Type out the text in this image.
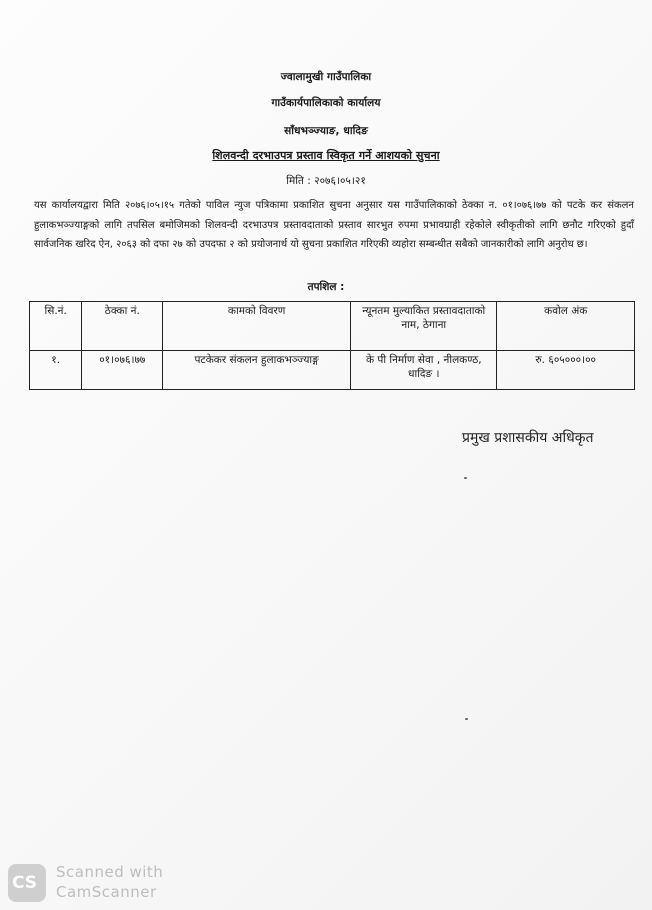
ज्वालामुखी गाउँपालिका
गाउँकार्यपालिकाको कार्यालय
साँधभञ्ज्याङ, धादिङ
शिलवन्दी दरभाउपत्र प्रस्ताव स्विकृत गर्ने आशयको सुचना
मिति : २०७६।०५।२१
यस कार्यालयद्वारा मिति २०७६।०५।१५ गतेको पाविल न्युज पत्रिकामा प्रकाशित सुचना अनुसार यस गाउँपालिकाको ठेक्का न. ०१।०७६।७७ को पटके कर संकलन हुलाकभञ्ज्याङ्गको लागि तपसिल बमोजिमको शिलवन्दी दरभाउपत्र प्रस्तावदाताको प्रस्ताव सारभुत रुपमा प्रभावग्राही रहेकोले स्वीकृतीको लागि छनौट गरिएको हुदाँ सार्वजनिक खरिद ऐन, २०६३ को दफा २७ को उपदफा २ को प्रयोजनार्थ यो सुचना प्रकाशित गरिएकी व्यहोरा सम्बन्धीत सबैको जानकारीको लागि अनुरोध छ।
तपशिल :
सि.नं.	ठेक्का नं.	कामको विवरण	न्यूनतम मुल्याकित प्रस्तावदाताको नाम, ठेगाना	कवोल अंक
१.	०१।०७६।७७	पटकेकर संकलन हुलाकभञ्ज्याङ्ग	के पी निर्माण सेवा , नीलकण्ठ, धादिङ ।	रु. ६०५०००।००
प्रमुख प्रशासकीय अधिकृत
CS
Scanned with
CamScanner
